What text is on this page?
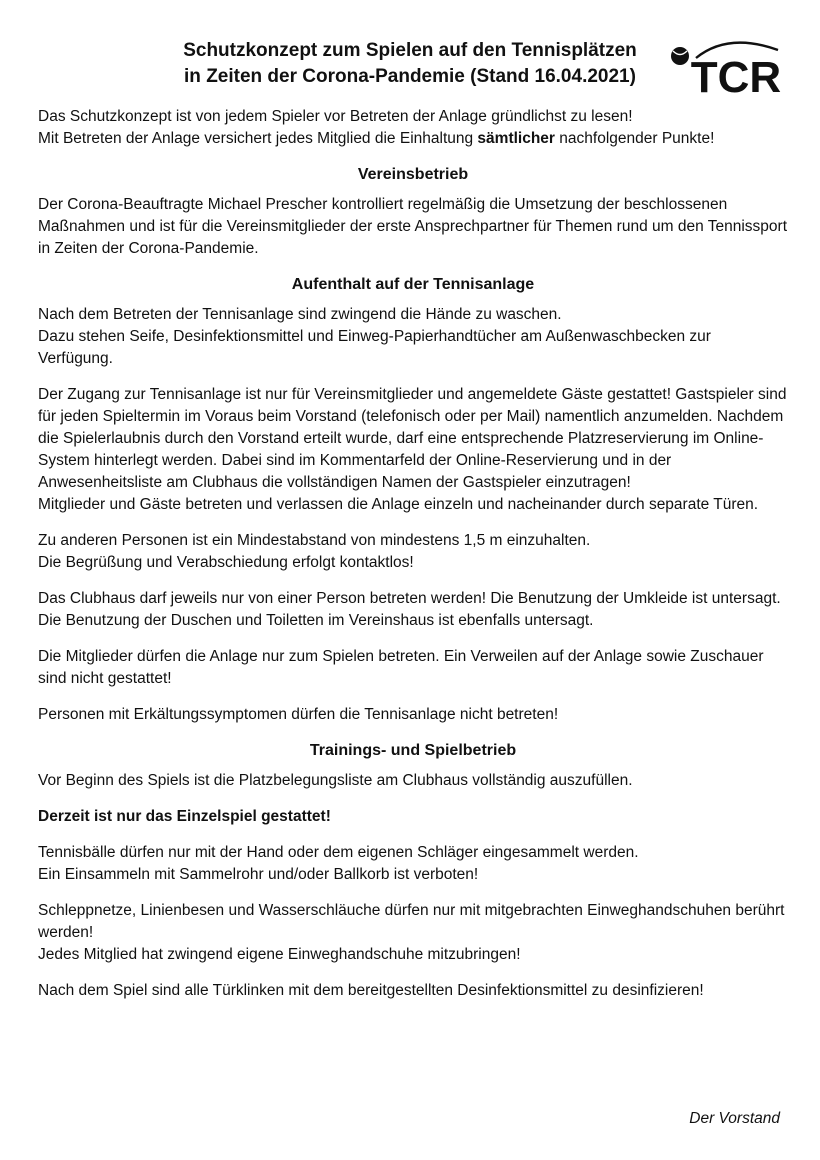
Schutzkonzept zum Spielen auf den Tennisplätzen
in Zeiten der Corona-Pandemie (Stand 16.04.2021)	TCR

Das Schutzkonzept ist von jedem Spieler vor Betreten der Anlage gründlichst zu lesen!
Mit Betreten der Anlage versichert jedes Mitglied die Einhaltung sämtlicher nachfolgender Punkte!

Vereinsbetrieb

Der Corona-Beauftragte Michael Prescher kontrolliert regelmäßig die Umsetzung der beschlossenen Maßnahmen und ist für die Vereinsmitglieder der erste Ansprechpartner für Themen rund um den Tennissport in Zeiten der Corona-Pandemie.

Aufenthalt auf der Tennisanlage

Nach dem Betreten der Tennisanlage sind zwingend die Hände zu waschen.
Dazu stehen Seife, Desinfektionsmittel und Einweg-Papierhandtücher am Außenwaschbecken zur Verfügung.

Der Zugang zur Tennisanlage ist nur für Vereinsmitglieder und angemeldete Gäste gestattet! Gastspieler sind für jeden Spieltermin im Voraus beim Vorstand (telefonisch oder per Mail) namentlich anzumelden. Nachdem die Spielerlaubnis durch den Vorstand erteilt wurde, darf eine entsprechende Platzreservierung im Online-System hinterlegt werden. Dabei sind im Kommentarfeld der Online-Reservierung und in der Anwesenheitsliste am Clubhaus die vollständigen Namen der Gastspieler einzutragen!
Mitglieder und Gäste betreten und verlassen die Anlage einzeln und nacheinander durch separate Türen.

Zu anderen Personen ist ein Mindestabstand von mindestens 1,5 m einzuhalten.
Die Begrüßung und Verabschiedung erfolgt kontaktlos!

Das Clubhaus darf jeweils nur von einer Person betreten werden! Die Benutzung der Umkleide ist untersagt. Die Benutzung der Duschen und Toiletten im Vereinshaus ist ebenfalls untersagt.

Die Mitglieder dürfen die Anlage nur zum Spielen betreten. Ein Verweilen auf der Anlage sowie Zuschauer sind nicht gestattet!

Personen mit Erkältungssymptomen dürfen die Tennisanlage nicht betreten!

Trainings- und Spielbetrieb

Vor Beginn des Spiels ist die Platzbelegungsliste am Clubhaus vollständig auszufüllen.

Derzeit ist nur das Einzelspiel gestattet!

Tennisbälle dürfen nur mit der Hand oder dem eigenen Schläger eingesammelt werden.
Ein Einsammeln mit Sammelrohr und/oder Ballkorb ist verboten!

Schleppnetze, Linienbesen und Wasserschläuche dürfen nur mit mitgebrachten Einweghandschuhen berührt werden!
Jedes Mitglied hat zwingend eigene Einweghandschuhe mitzubringen!

Nach dem Spiel sind alle Türklinken mit dem bereitgestellten Desinfektionsmittel zu desinfizieren!

Der Vorstand
